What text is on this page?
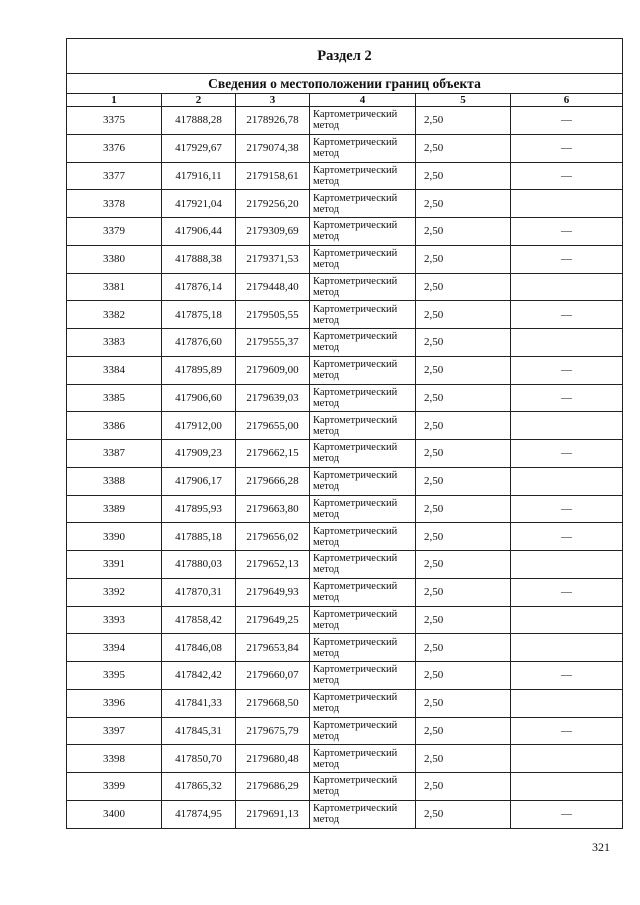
Раздел 2					
Сведения о местоположении границ объекта					
1	2	3	4	5	6
3375	417888,28	2178926,78	Картометрический метод	2,50	—
3376	417929,67	2179074,38	Картометрический метод	2,50	—
3377	417916,11	2179158,61	Картометрический метод	2,50	—
3378	417921,04	2179256,20	Картометрический метод	2,50	
3379	417906,44	2179309,69	Картометрический метод	2,50	—
3380	417888,38	2179371,53	Картометрический метод	2,50	—
3381	417876,14	2179448,40	Картометрический метод	2,50	
3382	417875,18	2179505,55	Картометрический метод	2,50	—
3383	417876,60	2179555,37	Картометрический метод	2,50	
3384	417895,89	2179609,00	Картометрический метод	2,50	—
3385	417906,60	2179639,03	Картометрический метод	2,50	—
3386	417912,00	2179655,00	Картометрический метод	2,50	
3387	417909,23	2179662,15	Картометрический метод	2,50	—
3388	417906,17	2179666,28	Картометрический метод	2,50	
3389	417895,93	2179663,80	Картометрический метод	2,50	—
3390	417885,18	2179656,02	Картометрический метод	2,50	—
3391	417880,03	2179652,13	Картометрический метод	2,50	
3392	417870,31	2179649,93	Картометрический метод	2,50	—
3393	417858,42	2179649,25	Картометрический метод	2,50	
3394	417846,08	2179653,84	Картометрический метод	2,50	
3395	417842,42	2179660,07	Картометрический метод	2,50	—
3396	417841,33	2179668,50	Картометрический метод	2,50	
3397	417845,31	2179675,79	Картометрический метод	2,50	—
3398	417850,70	2179680,48	Картометрический метод	2,50	
3399	417865,32	2179686,29	Картометрический метод	2,50	
3400	417874,95	2179691,13	Картометрический метод	2,50	—
321
